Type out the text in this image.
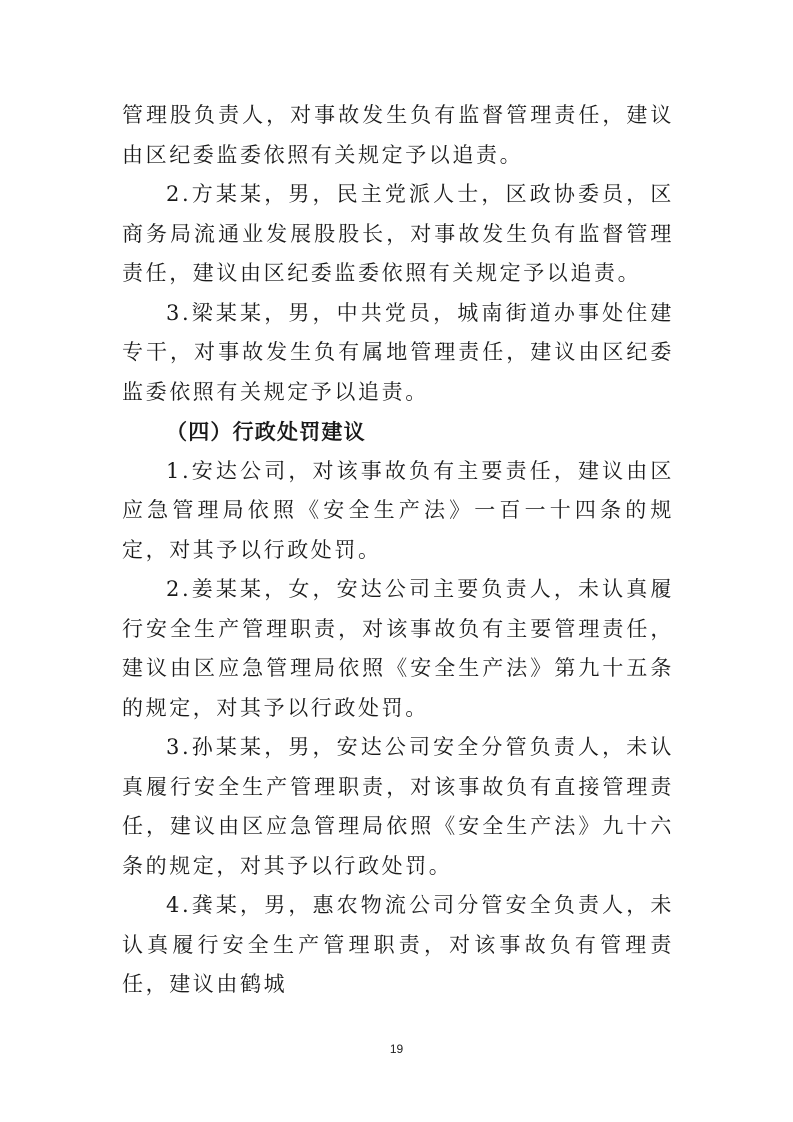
管理股负责人，对事故发生负有监督管理责任，建议由区纪委监委依照有关规定予以追责。

2.方某某，男，民主党派人士，区政协委员，区商务局流通业发展股股长，对事故发生负有监督管理责任，建议由区纪委监委依照有关规定予以追责。

3.梁某某，男，中共党员，城南街道办事处住建专干，对事故发生负有属地管理责任，建议由区纪委监委依照有关规定予以追责。

（四）行政处罚建议

1.安达公司，对该事故负有主要责任，建议由区应急管理局依照《安全生产法》一百一十四条的规定，对其予以行政处罚。

2.姜某某，女，安达公司主要负责人，未认真履行安全生产管理职责，对该事故负有主要管理责任，建议由区应急管理局依照《安全生产法》第九十五条的规定，对其予以行政处罚。

3.孙某某，男，安达公司安全分管负责人，未认真履行安全生产管理职责，对该事故负有直接管理责任，建议由区应急管理局依照《安全生产法》九十六条的规定，对其予以行政处罚。

4.龚某，男，惠农物流公司分管安全负责人，未认真履行安全生产管理职责，对该事故负有管理责任，建议由鹤城

19
